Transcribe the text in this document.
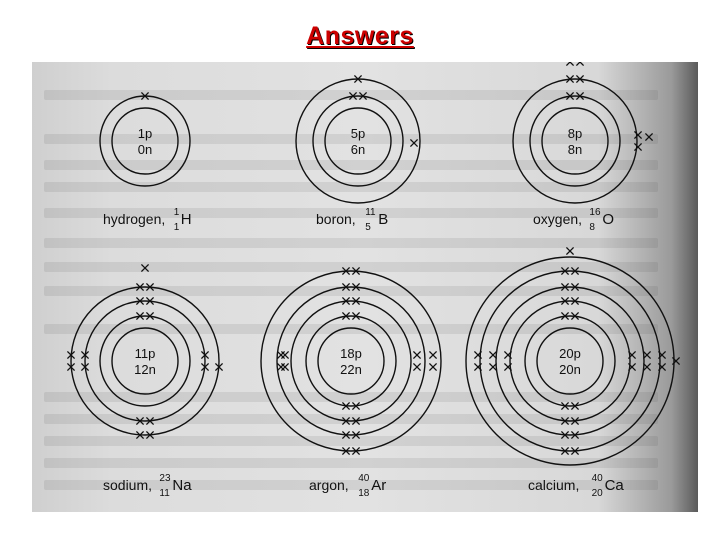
Answers
1p
0n
hydrogen, 1
1 H
5p
6n
boron, 11
5 B
8p
8n
oxygen, 16
8 O
11p
12n
sodium, 23
11 Na
18p
22n
argon, 40
18 Ar
20p
20n
calcium, 40
20 Ca
